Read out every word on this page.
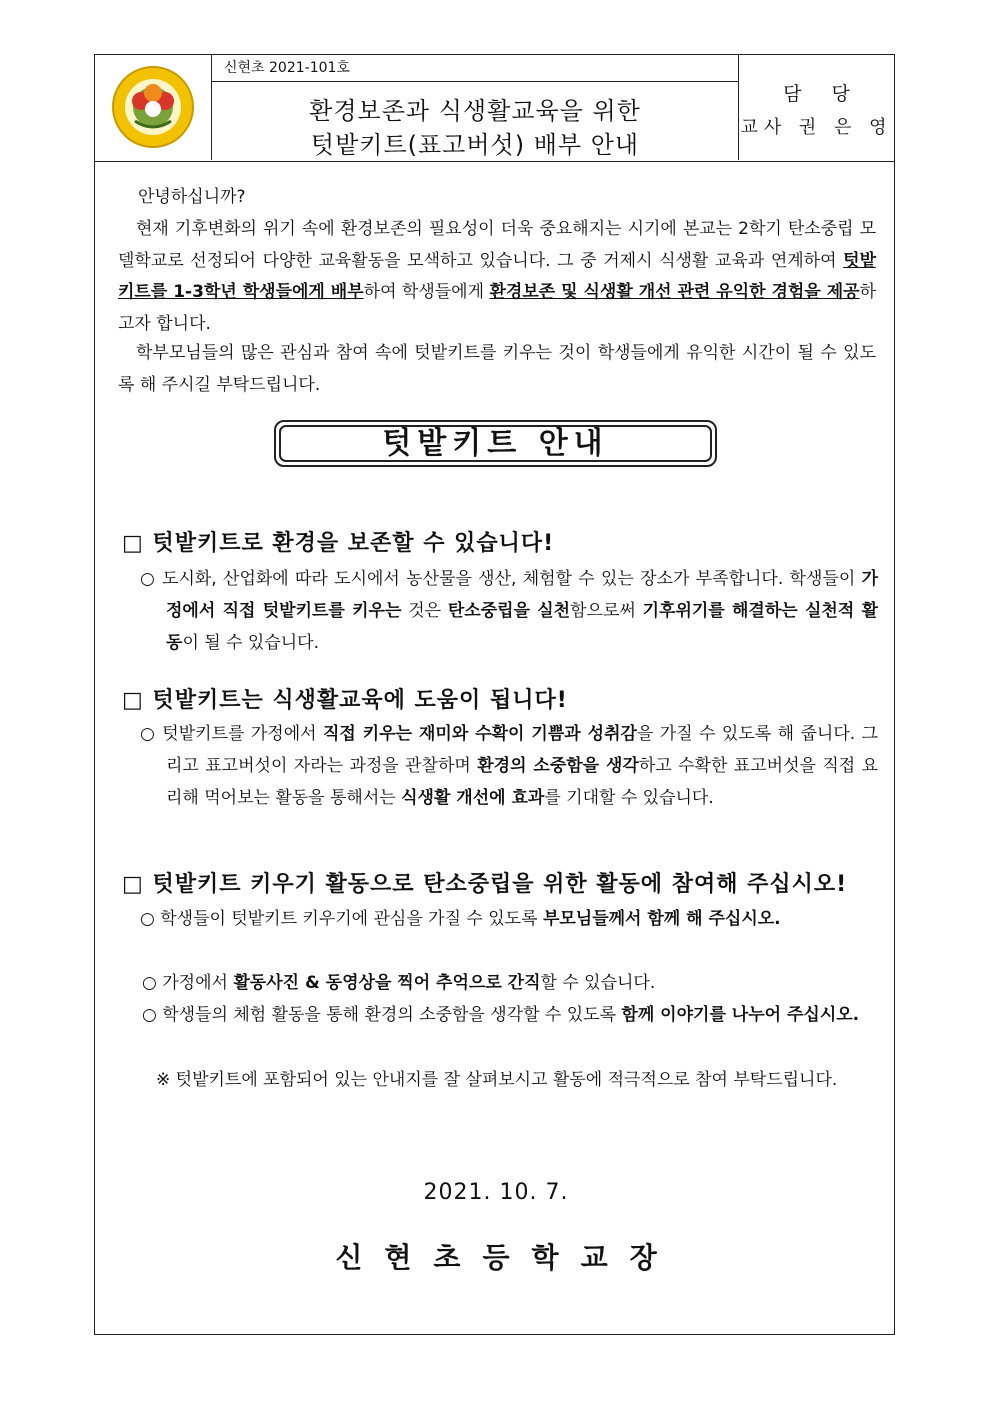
신현초 2021-101호
환경보존과 식생활교육을 위한
텃밭키트(표고버섯) 배부 안내
담 당
교사 권 은 영
안녕하십니까?
현재 기후변화의 위기 속에 환경보존의 필요성이 더욱 중요해지는 시기에 본교는 2학기 탄소중립 모델학교로 선정되어 다양한 교육활동을 모색하고 있습니다. 그 중 거제시 식생활 교육과 연계하여 텃밭키트를 1-3학년 학생들에게 배부하여 학생들에게 환경보존 및 식생활 개선 관련 유익한 경험을 제공하고자 합니다.
학부모님들의 많은 관심과 참여 속에 텃밭키트를 키우는 것이 학생들에게 유익한 시간이 될 수 있도록 해 주시길 부탁드립니다.
텃밭키트 안내
□ 텃밭키트로 환경을 보존할 수 있습니다!
○ 도시화, 산업화에 따라 도시에서 농산물을 생산, 체험할 수 있는 장소가 부족합니다. 학생들이 가정에서 직접 텃밭키트를 키우는 것은 탄소중립을 실천함으로써 기후위기를 해결하는 실천적 활동이 될 수 있습니다.
□ 텃밭키트는 식생활교육에 도움이 됩니다!
○ 텃밭키트를 가정에서 직접 키우는 재미와 수확이 기쁨과 성취감을 가질 수 있도록 해 줍니다. 그리고 표고버섯이 자라는 과정을 관찰하며 환경의 소중함을 생각하고 수확한 표고버섯을 직접 요리해 먹어보는 활동을 통해서는 식생활 개선에 효과를 기대할 수 있습니다.
□ 텃밭키트 키우기 활동으로 탄소중립을 위한 활동에 참여해 주십시오!
○ 학생들이 텃밭키트 키우기에 관심을 가질 수 있도록 부모님들께서 함께 해 주십시오.
○ 가정에서 활동사진 & 동영상을 찍어 추억으로 간직할 수 있습니다.
○ 학생들의 체험 활동을 통해 환경의 소중함을 생각할 수 있도록 함께 이야기를 나누어 주십시오.
※ 텃밭키트에 포함되어 있는 안내지를 잘 살펴보시고 활동에 적극적으로 참여 부탁드립니다.
2021. 10. 7.
신현초등학교장
